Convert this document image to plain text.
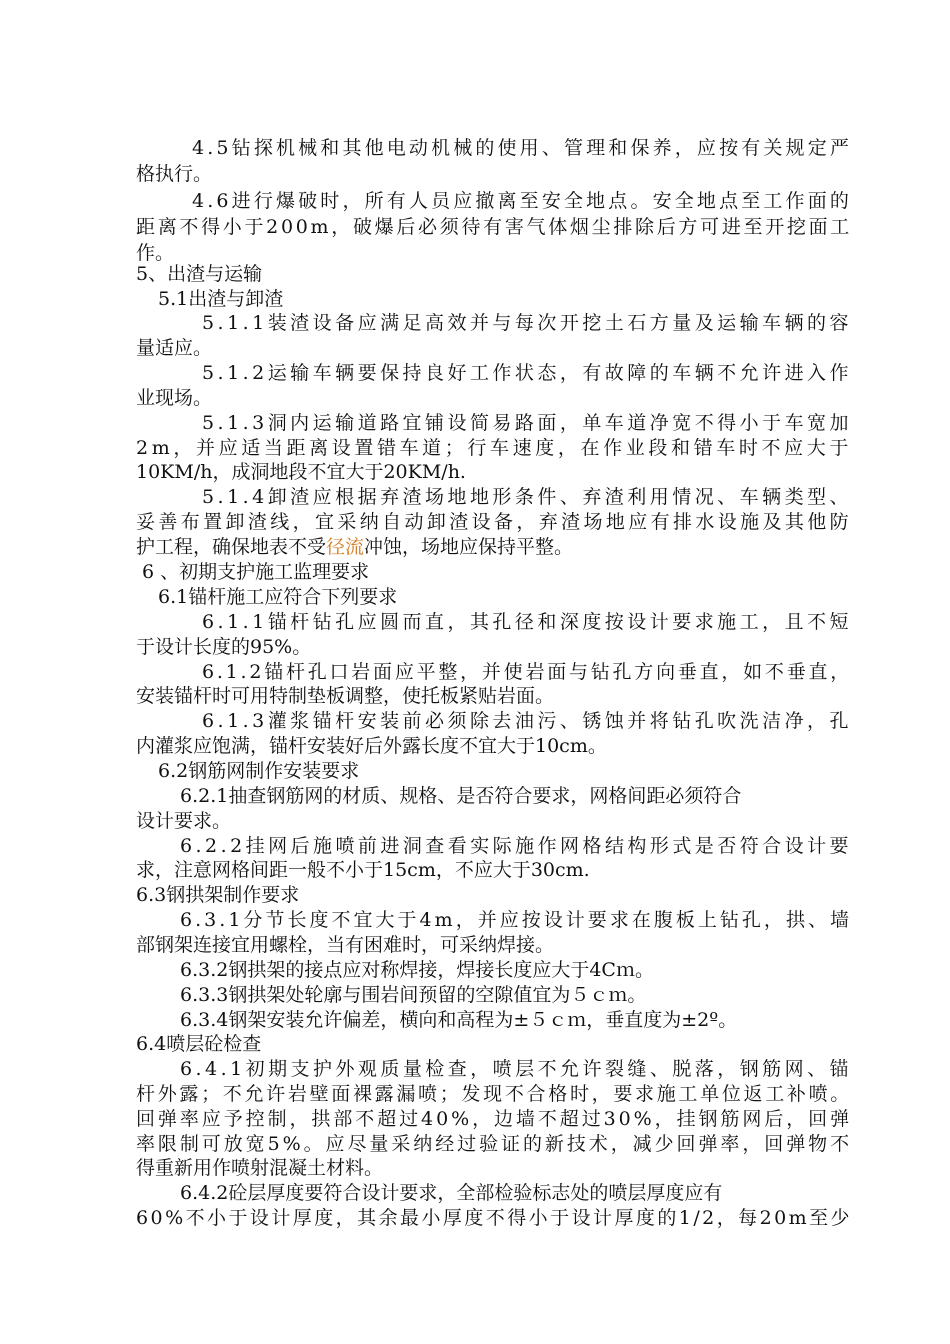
4.5钻探机械和其他电动机械的使用、管理和保养，应按有关规定严
格执行。
4.6进行爆破时，所有人员应撤离至安全地点。安全地点至工作面的
距离不得小于200m，破爆后必须待有害气体烟尘排除后方可进至开挖面工
作。
5、出渣与运输
5.1出渣与卸渣
5.1.1装渣设备应满足高效并与每次开挖土石方量及运输车辆的容
量适应。
5.1.2运输车辆要保持良好工作状态，有故障的车辆不允许进入作
业现场。
5.1.3洞内运输道路宜铺设简易路面，单车道净宽不得小于车宽加
2m，并应适当距离设置错车道；行车速度，在作业段和错车时不应大于
10KM/h，成洞地段不宜大于20KM/h.
5.1.4卸渣应根据弃渣场地地形条件、弃渣利用情况、车辆类型、
妥善布置卸渣线，宜采纳自动卸渣设备，弃渣场地应有排水设施及其他防
护工程，确保地表不受径流冲蚀，场地应保持平整。
6 、初期支护施工监理要求
6.1锚杆施工应符合下列要求
6.1.1锚杆钻孔应圆而直，其孔径和深度按设计要求施工，且不短
于设计长度的95%。
6.1.2锚杆孔口岩面应平整，并使岩面与钻孔方向垂直，如不垂直，
安装锚杆时可用特制垫板调整，使托板紧贴岩面。
6.1.3灌浆锚杆安装前必须除去油污、锈蚀并将钻孔吹洗洁净，孔
内灌浆应饱满，锚杆安装好后外露长度不宜大于10cm。
6.2钢筋网制作安装要求
6.2.1抽查钢筋网的材质、规格、是否符合要求，网格间距必须符合
设计要求。
6.2.2挂网后施喷前进洞查看实际施作网格结构形式是否符合设计要
求，注意网格间距一般不小于15cm，不应大于30cm.
6.3钢拱架制作要求
6.3.1分节长度不宜大于4m，并应按设计要求在腹板上钻孔，拱、墙
部钢架连接宜用螺栓，当有困难时，可采纳焊接。
6.3.2钢拱架的接点应对称焊接，焊接长度应大于4Cｍ。
6.3.3钢拱架处轮廓与围岩间预留的空隙值宜为５ｃｍ。
6.3.4钢架安装允许偏差，横向和高程为±５ｃｍ，垂直度为±2º。
6.4喷层砼检查
6.4.1初期支护外观质量检查，喷层不允许裂缝、脱落，钢筋网、锚
杆外露；不允许岩壁面裸露漏喷；发现不合格时，要求施工单位返工补喷。
回弹率应予控制，拱部不超过40%，边墙不超过30%，挂钢筋网后，回弹
率限制可放宽5%。应尽量采纳经过验证的新技术，减少回弹率，回弹物不
得重新用作喷射混凝土材料。
6.4.2砼层厚度要符合设计要求，全部检验标志处的喷层厚度应有
60%不小于设计厚度，其余最小厚度不得小于设计厚度的1/2，每20m至少
